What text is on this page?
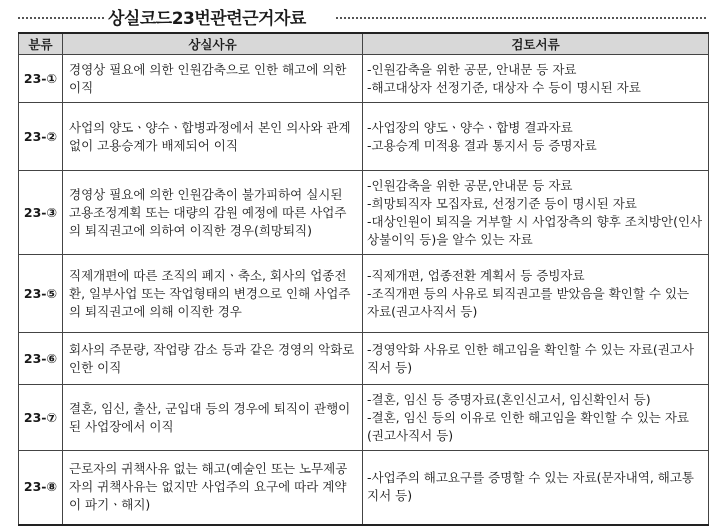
상실코드23번관련근거자료
분류	상실사유	검토서류
23-①	경영상 필요에 의한 인원감축으로 인한 해고에 의한 이직	-인원감축을 위한 공문, 안내문 등 자료
-해고대상자 선정기준, 대상자 수 등이 명시된 자료

23-②	사업의 양도ㆍ양수ㆍ합병과정에서 본인 의사와 관계없이 고용승계가 배제되어 이직	-사업장의 양도ㆍ양수ㆍ합병 결과자료
-고용승계 미적용 결과 통지서 등 증명자료

23-③	경영상 필요에 의한 인원감축이 불가피하여 실시된 고용조정계획 또는 대량의 감원 예정에 따른 사업주의 퇴직권고에 의하여 이직한 경우(희망퇴직)	-인원감축을 위한 공문,안내문 등 자료
-희망퇴직자 모집자료, 선정기준 등이 명시된 자료
-대상인원이 퇴직을 거부할 시 사업장측의 향후 조치방안(인사상불이익 등)을 알수 있는 자료

23-⑤	직제개편에 따른 조직의 폐지ㆍ축소, 회사의 업종전환, 일부사업 또는 작업형태의 변경으로 인해 사업주의 퇴직권고에 의해 이직한 경우	-직제개편, 업종전환 계획서 등 증빙자료
-조직개편 등의 사유로 퇴직권고를 받았음을 확인할 수 있는 자료(권고사직서 등)

23-⑥	회사의 주문량, 작업량 감소 등과 같은 경영의 악화로 인한 이직	-경영악화 사유로 인한 해고임을 확인할 수 있는 자료(권고사직서 등)

23-⑦	결혼, 임신, 출산, 군입대 등의 경우에 퇴직이 관행이 된 사업장에서 이직	-결혼, 임신 등 증명자료(혼인신고서, 임신확인서 등)
-결혼, 임신 등의 이유로 인한 해고임을 확인할 수 있는 자료(권고사직서 등)

23-⑧	근로자의 귀책사유 없는 해고(예술인 또는 노무제공자의 귀책사유는 없지만 사업주의 요구에 따라 계약이 파기ㆍ해지)	-사업주의 해고요구를 증명할 수 있는 자료(문자내역, 해고통지서 등)
